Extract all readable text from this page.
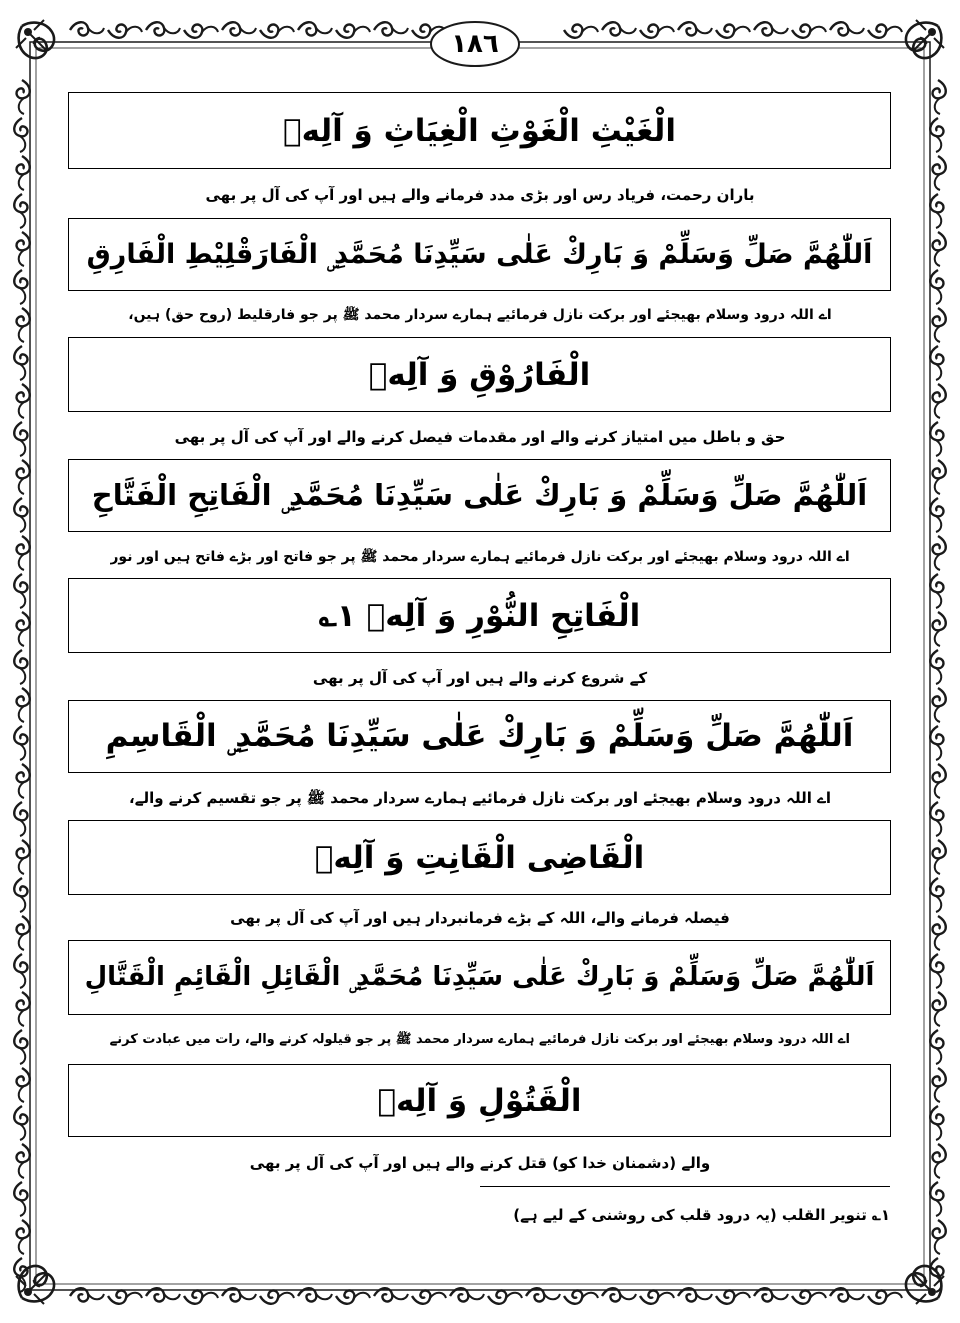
١٨٦
الْغَيْثِ الْغَوْثِ الْغِيَاثِ وَ آلِهٖ
باران رحمت، فریاد رس اور بڑی مدد فرمانے والے ہیں اور آپ کی آل پر بھی
اَللّٰهُمَّ صَلِّ وَسَلِّمْ وَ بَارِكْ عَلٰى سَيِّدِنَا مُحَمَّدِ ۣ الْفَارَقْلِيْطِ الْفَارِقِ
اے اللہ درود وسلام بھیجئے اور برکت نازل فرمائیے ہمارے سردار محمد ﷺ پر جو فارقلیط (روح حق) ہیں،
الْفَارُوْقِ وَ آلِهٖ
حق و باطل میں امتیاز کرنے والے اور مقدمات فیصل کرنے والے اور آپ کی آل پر بھی
اَللّٰهُمَّ صَلِّ وَسَلِّمْ وَ بَارِكْ عَلٰى سَيِّدِنَا مُحَمَّدِ ۣ الْفَاتِحِ الْفَتَّاحِ
اے اللہ درود وسلام بھیجئے اور برکت نازل فرمائیے ہمارے سردار محمد ﷺ پر جو فاتح اور بڑے فاتح ہیں اور نور
الْفَاتِحِ النُّوْرِ وَ آلِهٖ ۱؎
کے شروع کرنے والے ہیں اور آپ کی آل پر بھی
اَللّٰهُمَّ صَلِّ وَسَلِّمْ وَ بَارِكْ عَلٰى سَيِّدِنَا مُحَمَّدِ ۣ الْقَاسِمِ
اے اللہ درود وسلام بھیجئے اور برکت نازل فرمائیے ہمارے سردار محمد ﷺ پر جو تقسیم کرنے والے،
الْقَاضِى الْقَانِتِ وَ آلِهٖ
فیصلہ فرمانے والے، اللہ کے بڑے فرمانبردار ہیں اور آپ کی آل پر بھی
اَللّٰهُمَّ صَلِّ وَسَلِّمْ وَ بَارِكْ عَلٰى سَيِّدِنَا مُحَمَّدِ ۣ الْقَائِلِ الْقَائِمِ الْقَتَّالِ
اے اللہ درود وسلام بھیجئے اور برکت نازل فرمائیے ہمارے سردار محمد ﷺ پر جو قیلولہ کرنے والے، رات میں عبادت کرنے
الْقَتُوْلِ وَ آلِهٖ
والے (دشمنان خدا کو) قتل کرنے والے ہیں اور آپ کی آل پر بھی
۱؎ تنویر القلب (یہ درود قلب کی روشنی کے لیے ہے)
